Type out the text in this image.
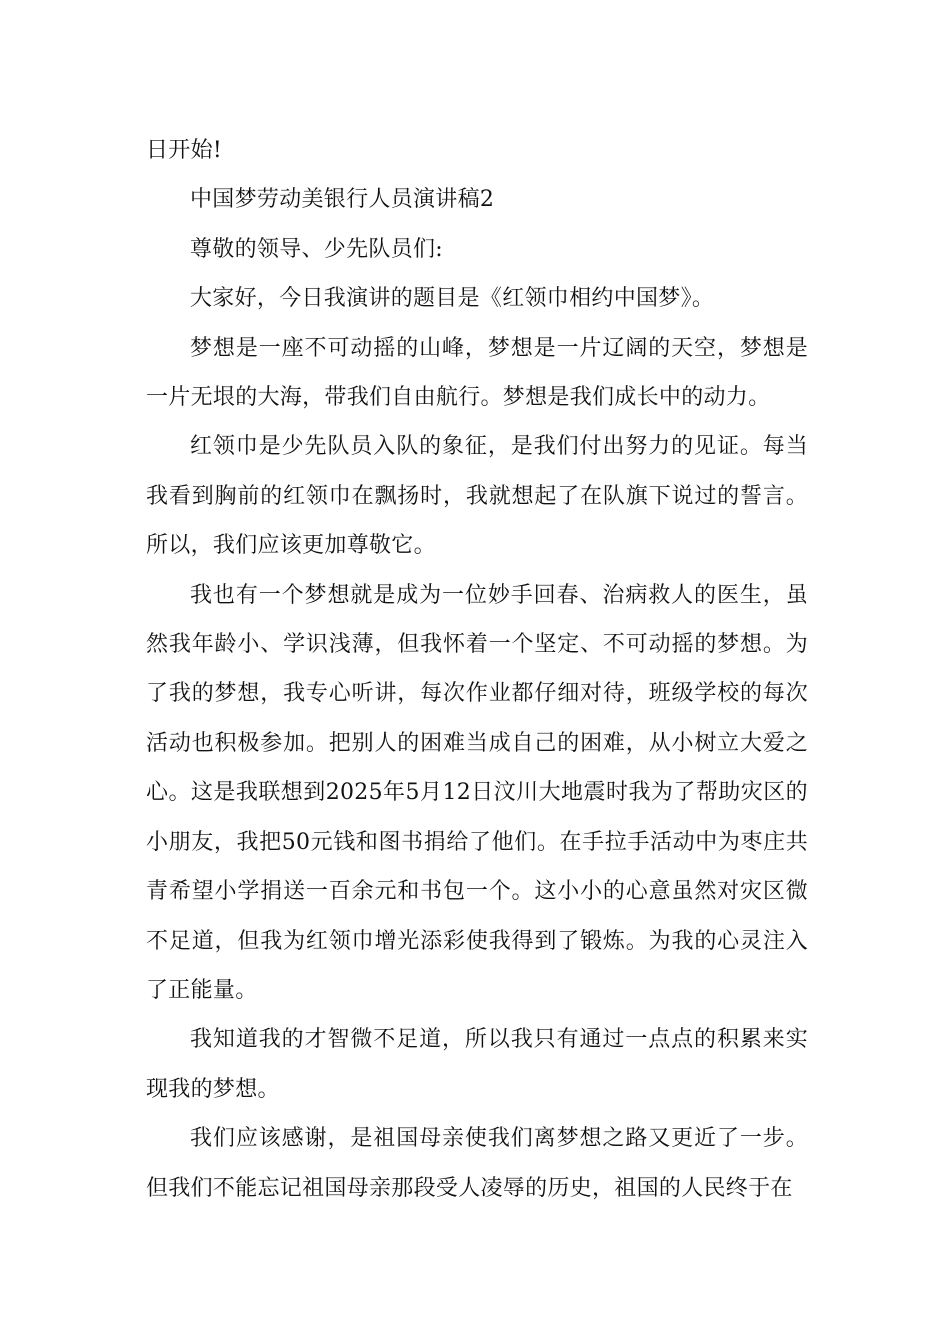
日开始!

中国梦劳动美银行人员演讲稿2

尊敬的领导、少先队员们:

大家好，今日我演讲的题目是《红领巾相约中国梦》。

梦想是一座不可动摇的山峰，梦想是一片辽阔的天空，梦想是一片无垠的大海，带我们自由航行。梦想是我们成长中的动力。

红领巾是少先队员入队的象征，是我们付出努力的见证。每当我看到胸前的红领巾在飘扬时，我就想起了在队旗下说过的誓言。所以，我们应该更加尊敬它。

我也有一个梦想就是成为一位妙手回春、治病救人的医生，虽然我年龄小、学识浅薄，但我怀着一个坚定、不可动摇的梦想。为了我的梦想，我专心听讲，每次作业都仔细对待，班级学校的每次活动也积极参加。把别人的困难当成自己的困难，从小树立大爱之心。这是我联想到2025年5月12日汶川大地震时我为了帮助灾区的小朋友，我把50元钱和图书捐给了他们。在手拉手活动中为枣庄共青希望小学捐送一百余元和书包一个。这小小的心意虽然对灾区微不足道，但我为红领巾增光添彩使我得到了锻炼。为我的心灵注入了正能量。

我知道我的才智微不足道，所以我只有通过一点点的积累来实现我的梦想。

我们应该感谢，是祖国母亲使我们离梦想之路又更近了一步。但我们不能忘记祖国母亲那段受人凌辱的历史，祖国的人民终于在
